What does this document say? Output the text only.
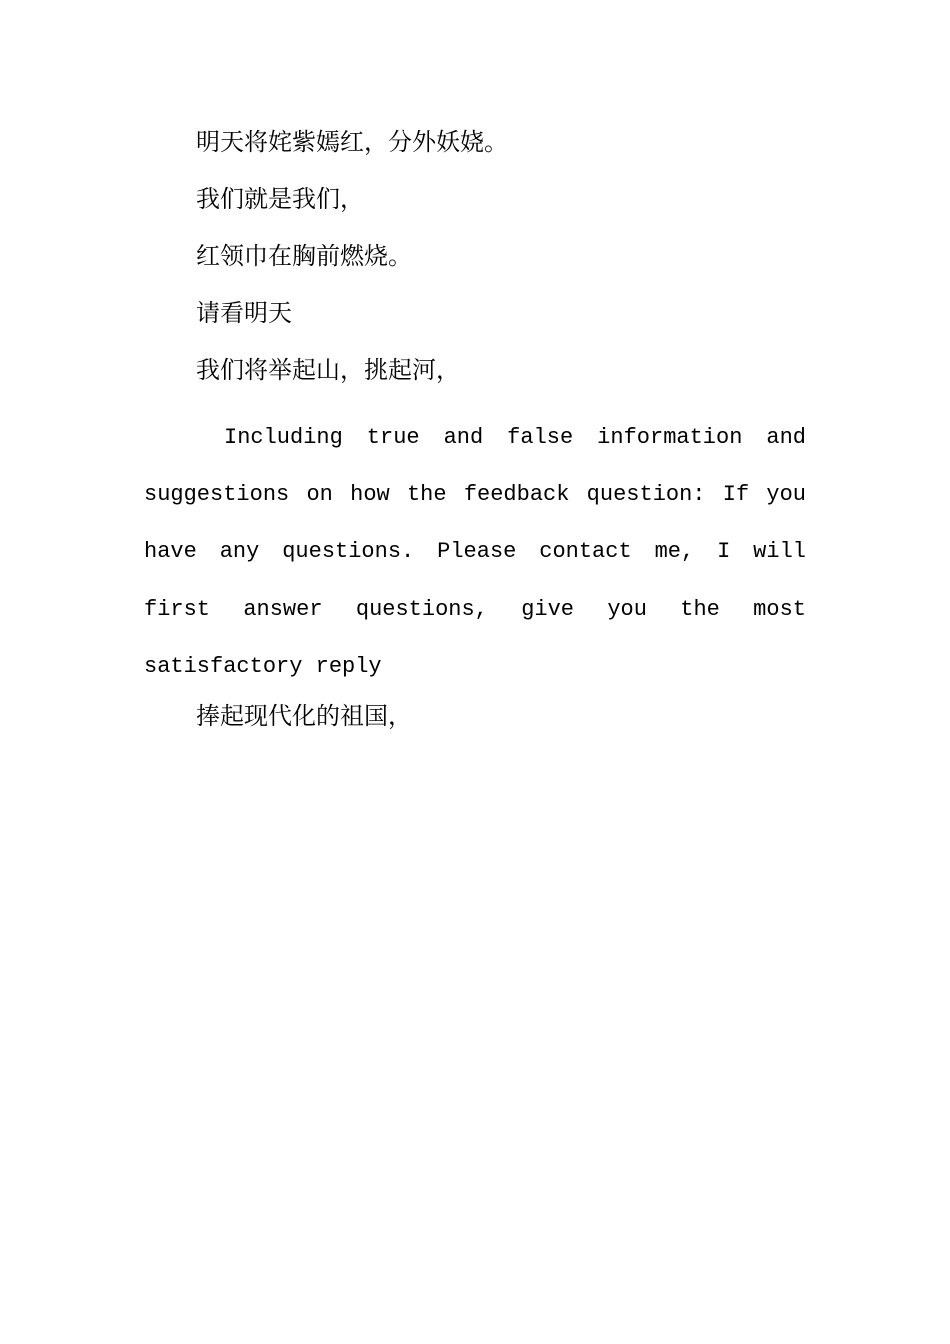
明天将姹紫嫣红，分外妖娆。

我们就是我们，

红领巾在胸前燃烧。

请看明天

我们将举起山，挑起河，

Including true and false information and suggestions on how the feedback question: If you have any questions. Please contact me, I will first answer questions, give you the most satisfactory reply

捧起现代化的祖国，
